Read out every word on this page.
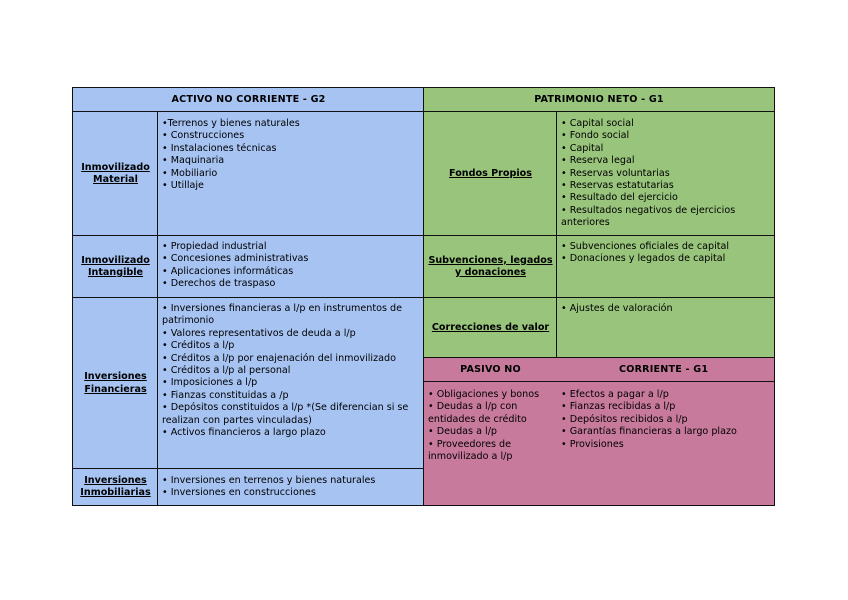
ACTIVO NO CORRIENTE - G2	PATRIMONIO NETO - G1
Inmovilizado Material
•Terrenos y bienes naturales
• Construcciones
• Instalaciones técnicas
• Maquinaria
• Mobiliario
• Utillaje
Fondos Propios
• Capital social
• Fondo social
• Capital
• Reserva legal
• Reservas voluntarias
• Reservas estatutarias
• Resultado del ejercicio
• Resultados negativos de ejercicios anteriores
Inmovilizado Intangible
• Propiedad industrial
• Concesiones administrativas
• Aplicaciones informáticas
• Derechos de traspaso
Subvenciones, legados y donaciones
• Subvenciones oficiales de capital
• Donaciones y legados de capital
Inversiones Financieras
• Inversiones financieras a l/p en instrumentos de patrimonio
• Valores representativos de deuda a l/p
• Créditos a l/p
• Créditos a l/p por enajenación del inmovilizado
• Créditos a l/p al personal
• Imposiciones a l/p
• Fianzas constituidas a /p
• Depósitos constituidos a l/p *(Se diferencian si se realizan con partes vinculadas)
• Activos financieros a largo plazo
Correcciones de valor
• Ajustes de valoración
PASIVO NO	CORRIENTE - G1
• Obligaciones y bonos
• Deudas a l/p con entidades de crédito
• Deudas a l/p
• Proveedores de inmovilizado a l/p
• Efectos a pagar a l/p
• Fianzas recibidas a l/p
• Depósitos recibidos a l/p
• Garantías financieras a largo plazo
• Provisiones
Inversiones Inmobiliarias
• Inversiones en terrenos y bienes naturales
• Inversiones en construcciones
